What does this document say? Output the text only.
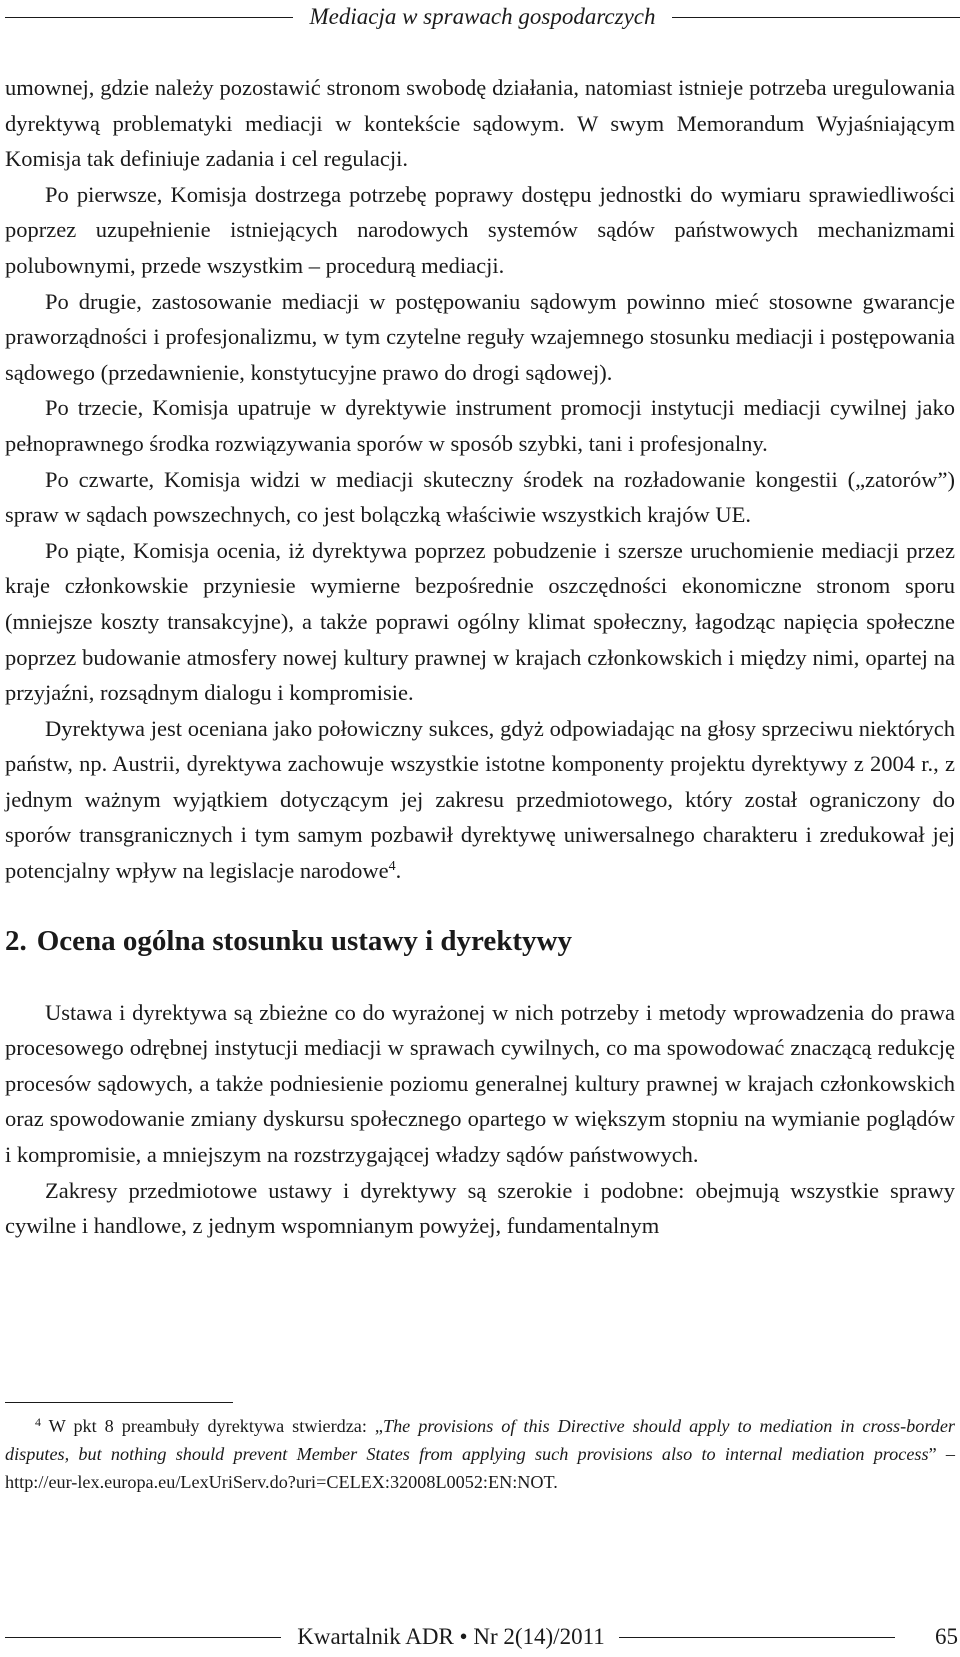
Mediacja w sprawach gospodarczych

umownej, gdzie należy pozostawić stronom swobodę działania, natomiast istnieje potrzeba uregulowania dyrektywą problematyki mediacji w kontekście sądowym. W swym Memorandum Wyjaśniającym Komisja tak definiuje zadania i cel regulacji.

Po pierwsze, Komisja dostrzega potrzebę poprawy dostępu jednostki do wymiaru sprawiedliwości poprzez uzupełnienie istniejących narodowych systemów sądów państwowych mechanizmami polubownymi, przede wszystkim – procedurą mediacji.

Po drugie, zastosowanie mediacji w postępowaniu sądowym powinno mieć stosowne gwarancje praworządności i profesjonalizmu, w tym czytelne reguły wzajemnego stosunku mediacji i postępowania sądowego (przedawnienie, konstytucyjne prawo do drogi sądowej).

Po trzecie, Komisja upatruje w dyrektywie instrument promocji instytucji mediacji cywilnej jako pełnoprawnego środka rozwiązywania sporów w sposób szybki, tani i profesjonalny.

Po czwarte, Komisja widzi w mediacji skuteczny środek na rozładowanie kongestii („zatorów”) spraw w sądach powszechnych, co jest bolączką właściwie wszystkich krajów UE.

Po piąte, Komisja ocenia, iż dyrektywa poprzez pobudzenie i szersze uruchomienie mediacji przez kraje członkowskie przyniesie wymierne bezpośrednie oszczędności ekonomiczne stronom sporu (mniejsze koszty transakcyjne), a także poprawi ogólny klimat społeczny, łagodząc napięcia społeczne poprzez budowanie atmosfery nowej kultury prawnej w krajach członkowskich i między nimi, opartej na przyjaźni, rozsądnym dialogu i kompromisie.

Dyrektywa jest oceniana jako połowiczny sukces, gdyż odpowiadając na głosy sprzeciwu niektórych państw, np. Austrii, dyrektywa zachowuje wszystkie istotne komponenty projektu dyrektywy z 2004 r., z jednym ważnym wyjątkiem dotyczącym jej zakresu przedmiotowego, który został ograniczony do sporów transgranicznych i tym samym pozbawił dyrektywę uniwersalnego charakteru i zredukował jej potencjalny wpływ na legislacje narodowe$^4$.

2. Ocena ogólna stosunku ustawy i dyrektywy

Ustawa i dyrektywa są zbieżne co do wyrażonej w nich potrzeby i metody wprowadzenia do prawa procesowego odrębnej instytucji mediacji w sprawach cywilnych, co ma spowodować znaczącą redukcję procesów sądowych, a także podniesienie poziomu generalnej kultury prawnej w krajach członkowskich oraz spowodowanie zmiany dyskursu społecznego opartego w większym stopniu na wymianie poglądów i kompromisie, a mniejszym na rozstrzygającej władzy sądów państwowych.

Zakresy przedmiotowe ustawy i dyrektywy są szerokie i podobne: obejmują wszystkie sprawy cywilne i handlowe, z jednym wspomnianym powyżej, fundamentalnym

$^4$ W pkt 8 preambuły dyrektywa stwierdza: „The provisions of this Directive should apply to mediation in cross-border disputes, but nothing should prevent Member States from applying such provisions also to internal mediation process” – http://eur-lex.europa.eu/LexUriServ.do?uri=CELEX:32008L0052:EN:NOT.

Kwartalnik ADR • Nr 2(14)/2011	65
